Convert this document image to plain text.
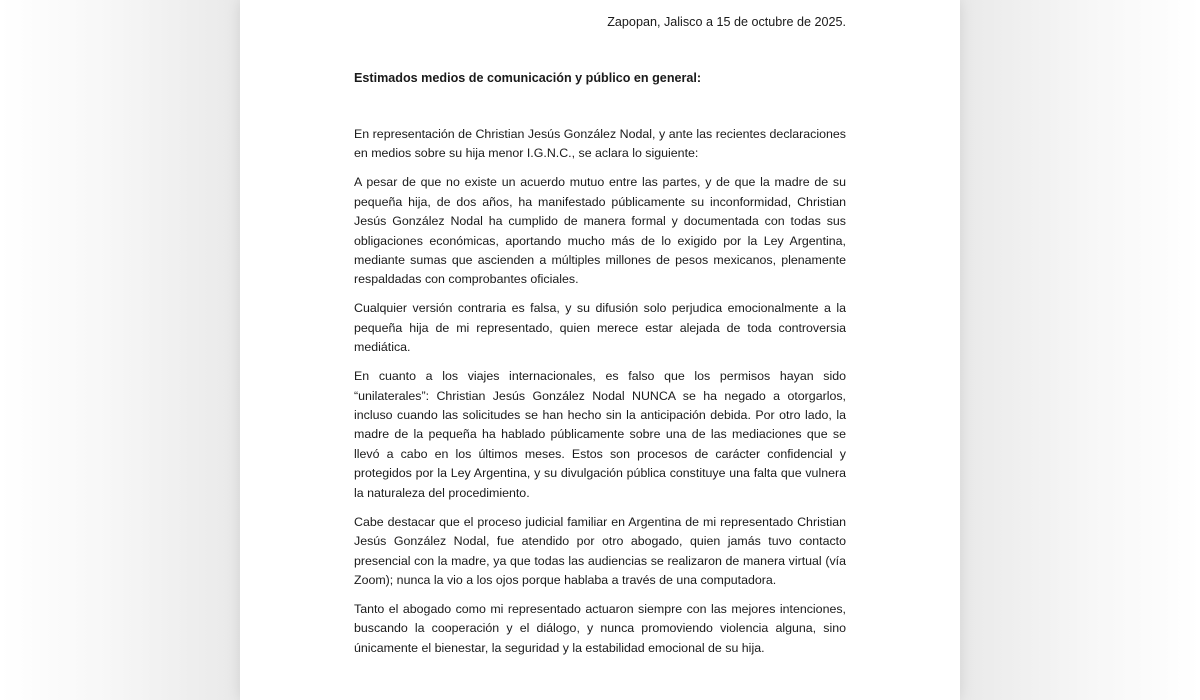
Zapopan, Jalisco a 15 de octubre de 2025.
Estimados medios de comunicación y público en general:

En representación de Christian Jesús González Nodal, y ante las recientes declaraciones en medios sobre su hija menor I.G.N.C., se aclara lo siguiente:

A pesar de que no existe un acuerdo mutuo entre las partes, y de que la madre de su pequeña hija, de dos años, ha manifestado públicamente su inconformidad, Christian Jesús González Nodal ha cumplido de manera formal y documentada con todas sus obligaciones económicas, aportando mucho más de lo exigido por la Ley Argentina, mediante sumas que ascienden a múltiples millones de pesos mexicanos, plenamente respaldadas con comprobantes oficiales.

Cualquier versión contraria es falsa, y su difusión solo perjudica emocionalmente a la pequeña hija de mi representado, quien merece estar alejada de toda controversia mediática.

En cuanto a los viajes internacionales, es falso que los permisos hayan sido “unilaterales”: Christian Jesús González Nodal NUNCA se ha negado a otorgarlos, incluso cuando las solicitudes se han hecho sin la anticipación debida. Por otro lado, la madre de la pequeña ha hablado públicamente sobre una de las mediaciones que se llevó a cabo en los últimos meses. Estos son procesos de carácter confidencial y protegidos por la Ley Argentina, y su divulgación pública constituye una falta que vulnera la naturaleza del procedimiento.

Cabe destacar que el proceso judicial familiar en Argentina de mi representado Christian Jesús González Nodal, fue atendido por otro abogado, quien jamás tuvo contacto presencial con la madre, ya que todas las audiencias se realizaron de manera virtual (vía Zoom); nunca la vio a los ojos porque hablaba a través de una computadora.

Tanto el abogado como mi representado actuaron siempre con las mejores intenciones, buscando la cooperación y el diálogo, y nunca promoviendo violencia alguna, sino únicamente el bienestar, la seguridad y la estabilidad emocional de su hija.
